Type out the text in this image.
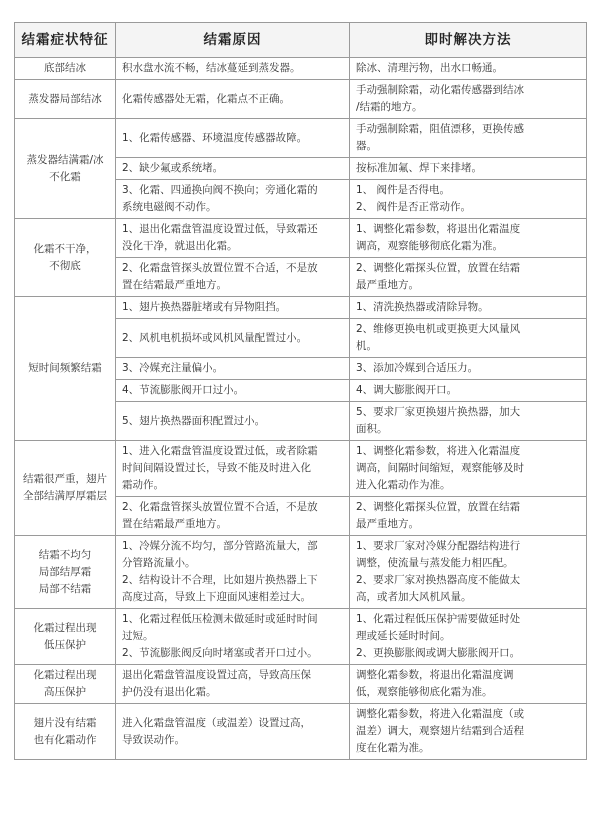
结霜症状特征	结霜原因	即时解决方法

底部结冰	积水盘水流不畅，结冰蔓延到蒸发器。	除冰、清理污物，出水口畅通。

蒸发器局部结冰	化霜传感器处无霜，化霜点不正确。	手动强制除霜，动化霜传感器到结冰
/结霜的地方。

蒸发器结满霜/冰
不化霜	1、化霜传感器、环境温度传感器故障。	手动强制除霜，阻值漂移，更换传感
器。

	2、缺少氟或系统堵。	按标准加氟、焊下来排堵。

	3、化霜、四通换向阀不换向；旁通化霜的
系统电磁阀不动作。	1、 阀件是否得电。
2、 阀件是否正常动作。

化霜不干净，
不彻底	1、退出化霜盘管温度设置过低，导致霜还
没化干净，就退出化霜。	1、调整化霜参数，将退出化霜温度
调高，观察能够彻底化霜为准。

	2、化霜盘管探头放置位置不合适，不是放
置在结霜最严重地方。	2、调整化霜探头位置，放置在结霜
最严重地方。

短时间频繁结霜	1、翅片换热器脏堵或有异物阻挡。	1、清洗换热器或清除异物。

	2、风机电机损坏或风机风量配置过小。	2、维修更换电机或更换更大风量风
机。

	3、冷媒充注量偏小。	3、添加冷媒到合适压力。

	4、节流膨胀阀开口过小。	4、调大膨胀阀开口。

	5、翅片换热器面积配置过小。	5、要求厂家更换翅片换热器，加大
面积。

结霜很严重，翅片
全部结满厚厚霜层	1、进入化霜盘管温度设置过低，或者除霜
时间间隔设置过长，导致不能及时进入化
霜动作。	1、调整化霜参数，将进入化霜温度
调高，间隔时间缩短，观察能够及时
进入化霜动作为准。

	2、化霜盘管探头放置位置不合适，不是放
置在结霜最严重地方。	2、调整化霜探头位置，放置在结霜
最严重地方。

结霜不均匀
局部结厚霜
局部不结霜	1、冷媒分流不均匀，部分管路流量大，部
分管路流量小。
2、结构设计不合理，比如翅片换热器上下
高度过高，导致上下迎面风速相差过大。	1、要求厂家对冷媒分配器结构进行
调整，使流量与蒸发能力相匹配。
2、要求厂家对换热器高度不能做太
高，或者加大风机风量。

化霜过程出现
低压保护	1、化霜过程低压检测未做延时或延时时间
过短。
2、节流膨胀阀反向时堵塞或者开口过小。	1、化霜过程低压保护需要做延时处
理或延长延时时间。
2、更换膨胀阀或调大膨胀阀开口。

化霜过程出现
高压保护	退出化霜盘管温度设置过高，导致高压保
护仍没有退出化霜。	调整化霜参数，将退出化霜温度调
低，观察能够彻底化霜为准。

翅片没有结霜
也有化霜动作	进入化霜盘管温度（或温差）设置过高，
导致误动作。	调整化霜参数，将进入化霜温度（或
温差）调大，观察翅片结霜到合适程
度在化霜为准。
